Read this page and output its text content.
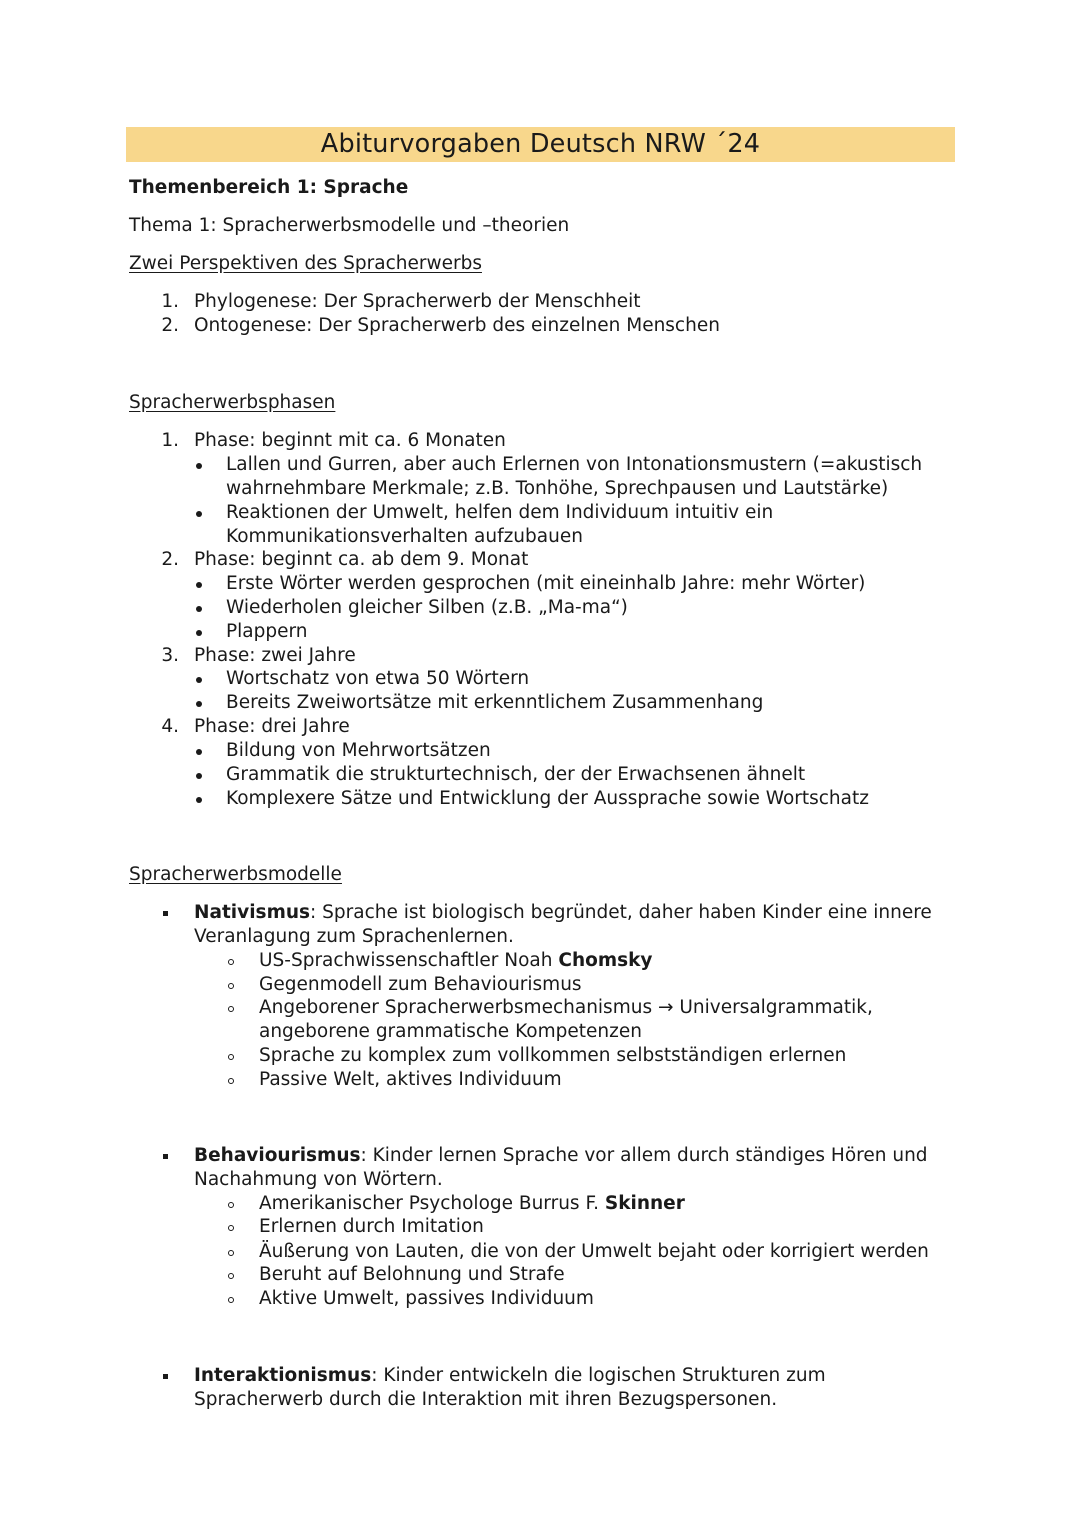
Abiturvorgaben Deutsch NRW ´24
Themenbereich 1: Sprache
Thema 1: Spracherwerbsmodelle und –theorien
Zwei Perspektiven des Spracherwerbs
1. Phylogenese: Der Spracherwerb der Menschheit
2. Ontogenese: Der Spracherwerb des einzelnen Menschen
Spracherwerbsphasen
1. Phase: beginnt mit ca. 6 Monaten
Lallen und Gurren, aber auch Erlernen von Intonationsmustern (=akustisch
wahrnehmbare Merkmale; z.B. Tonhöhe, Sprechpausen und Lautstärke)
Reaktionen der Umwelt, helfen dem Individuum intuitiv ein
Kommunikationsverhalten aufzubauen
2. Phase: beginnt ca. ab dem 9. Monat
Erste Wörter werden gesprochen (mit eineinhalb Jahre: mehr Wörter)
Wiederholen gleicher Silben (z.B. „Ma-ma“)
Plappern
3. Phase: zwei Jahre
Wortschatz von etwa 50 Wörtern
Bereits Zweiwortsätze mit erkenntlichem Zusammenhang
4. Phase: drei Jahre
Bildung von Mehrwortsätzen
Grammatik die strukturtechnisch, der der Erwachsenen ähnelt
Komplexere Sätze und Entwicklung der Aussprache sowie Wortschatz
Spracherwerbsmodelle
Nativismus: Sprache ist biologisch begründet, daher haben Kinder eine innere
Veranlagung zum Sprachenlernen.
US-Sprachwissenschaftler Noah Chomsky
Gegenmodell zum Behaviourismus
Angeborener Spracherwerbsmechanismus → Universalgrammatik,
angeborene grammatische Kompetenzen
Sprache zu komplex zum vollkommen selbstständigen erlernen
Passive Welt, aktives Individuum
Behaviourismus: Kinder lernen Sprache vor allem durch ständiges Hören und
Nachahmung von Wörtern.
Amerikanischer Psychologe Burrus F. Skinner
Erlernen durch Imitation
Äußerung von Lauten, die von der Umwelt bejaht oder korrigiert werden
Beruht auf Belohnung und Strafe
Aktive Umwelt, passives Individuum
Interaktionismus: Kinder entwickeln die logischen Strukturen zum
Spracherwerb durch die Interaktion mit ihren Bezugspersonen.
